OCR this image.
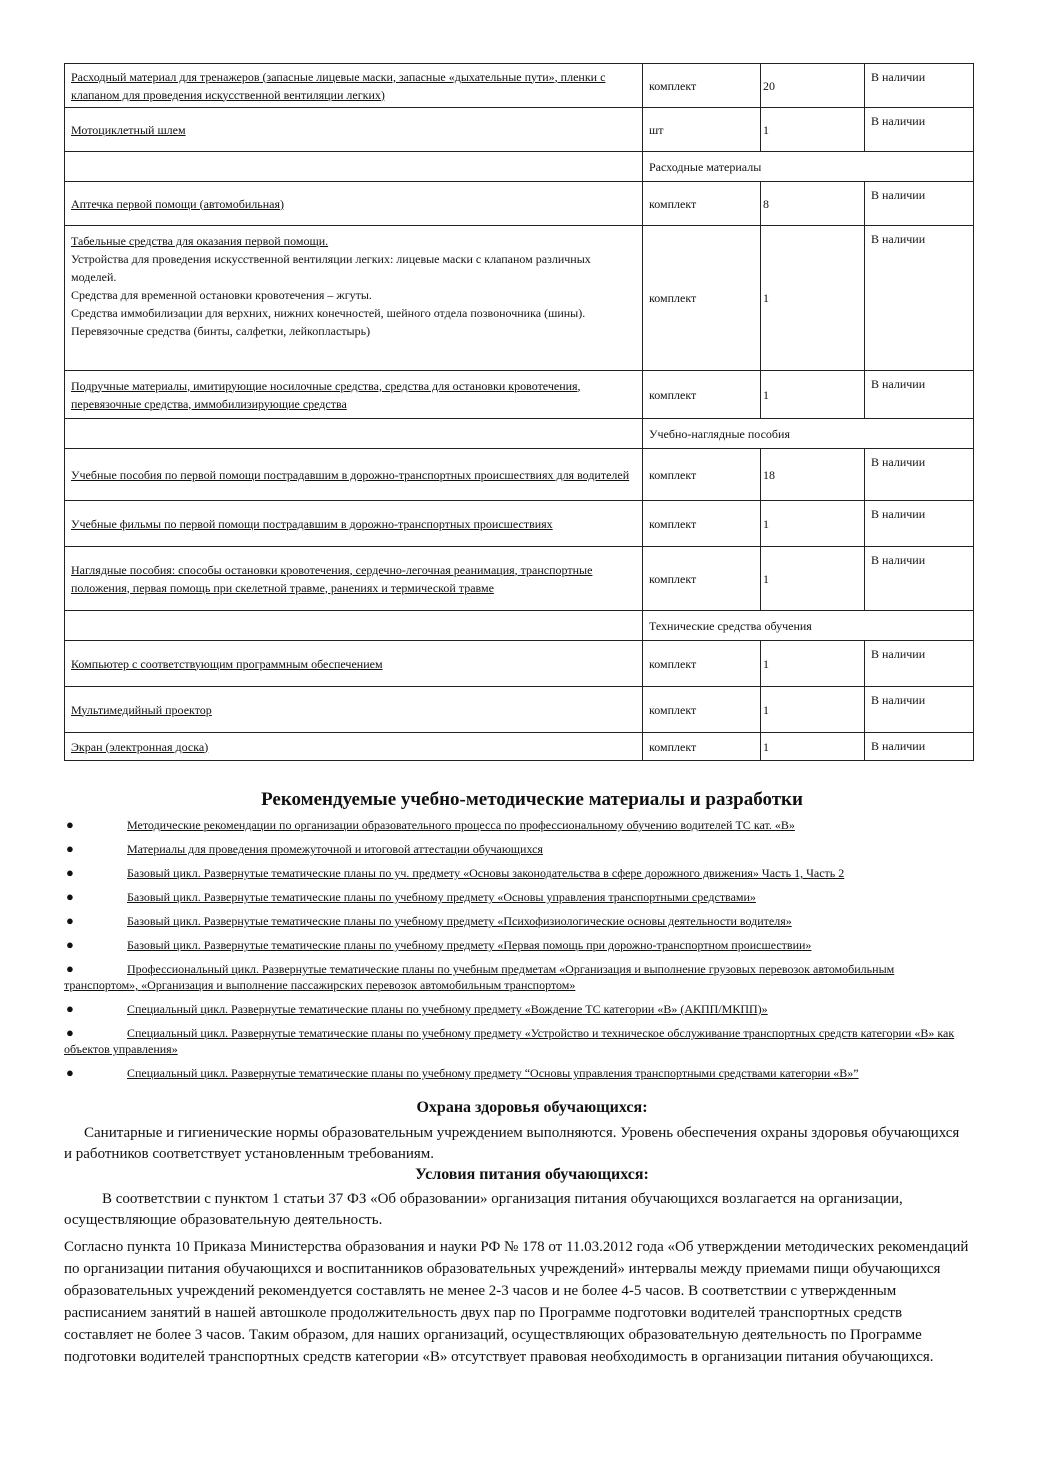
Расходный материал для тренажеров (запасные лицевые маски, запасные «дыхательные пути», пленки с клапаном для проведения искусственной вентиляции легких)	комплект	20	В наличии
Мотоциклетный шлем	шт	1	В наличии
	Расходные материалы		
Аптечка первой помощи (автомобильная)	комплект	8	В наличии

Табельные средства для оказания первой помощи.
Устройства для проведения искусственной вентиляции легких: лицевые маски с клапаном различных моделей.
Средства для временной остановки кровотечения – жгуты.
Средства иммобилизации для верхних, нижних конечностей, шейного отдела позвоночника (шины).
Перевязочные средства (бинты, салфетки, лейкопластырь)	комплект	1	В наличии
Подручные материалы, имитирующие носилочные средства, средства для остановки кровотечения, перевязочные средства, иммобилизирующие средства	комплект	1	В наличии
	Учебно-наглядные пособия		
Учебные пособия по первой помощи пострадавшим в дорожно-транспортных происшествиях для водителей	комплект	18	В наличии
Учебные фильмы по первой помощи пострадавшим в дорожно-транспортных происшествиях	комплект	1	В наличии
Наглядные пособия: способы остановки кровотечения, сердечно-легочная реанимация, транспортные положения, первая помощь при скелетной травме, ранениях и термической травме	комплект	1	В наличии
	Технические средства обучения		
Компьютер с соответствующим программным обеспечением	комплект	1	В наличии
Мультимедийный проектор	комплект	1	В наличии
Экран (электронная доска)	комплект	1	В наличии
Рекомендуемые учебно-методические материалы и разработки
●	Методические рекомендации по организации образовательного процесса по профессиональному обучению водителей ТС кат. «В»
●	Материалы для проведения промежуточной и итоговой аттестации обучающихся
●	Базовый цикл. Развернутые тематические планы по уч. предмету «Основы законодательства в сфере дорожного движения» Часть 1, Часть 2
●	Базовый цикл. Развернутые тематические планы по учебному предмету «Основы управления транспортными средствами»
●	Базовый цикл. Развернутые тематические планы по учебному предмету «Психофизиологические основы деятельности водителя»
●	Базовый цикл. Развернутые тематические планы по учебному предмету «Первая помощь при дорожно-транспортном происшествии»
●	Профессиональный цикл. Развернутые тематические планы по учебным предметам «Организация и выполнение грузовых перевозок автомобильным транспортом», «Организация и выполнение пассажирских перевозок автомобильным транспортом»
●	Специальный цикл. Развернутые тематические планы по учебному предмету «Вождение ТС категории «В» (АКПП/МКПП)»
●	Специальный цикл. Развернутые тематические планы по учебному предмету «Устройство и техническое обслуживание транспортных средств категории «В» как объектов управления»
●	Специальный цикл. Развернутые тематические планы по учебному предмету “Основы управления транспортными средствами категории «В»”
Охрана здоровья обучающихся:

Санитарные и гигиенические нормы образовательным учреждением выполняются. Уровень обеспечения охраны здоровья обучающихся и работников соответствует установленным требованиям.

Условия питания обучающихся:

В соответствии с пунктом 1 статьи 37 ФЗ «Об образовании» организация питания обучающихся возлагается на организации, осуществляющие образовательную деятельность.

Согласно пункта 10 Приказа Министерства образования и науки РФ № 178 от 11.03.2012 года «Об утверждении методических рекомендаций по организации питания обучающихся и воспитанников образовательных учреждений» интервалы между приемами пищи обучающихся образовательных учреждений рекомендуется составлять не менее 2-3 часов и не более 4-5 часов. В соответствии с утвержденным расписанием занятий в нашей автошколе продолжительность двух пар по Программе подготовки водителей транспортных средств составляет не более 3 часов. Таким образом, для наших организаций, осуществляющих образовательную деятельность по Программе подготовки водителей транспортных средств категории «В» отсутствует правовая необходимость в организации питания обучающихся.
